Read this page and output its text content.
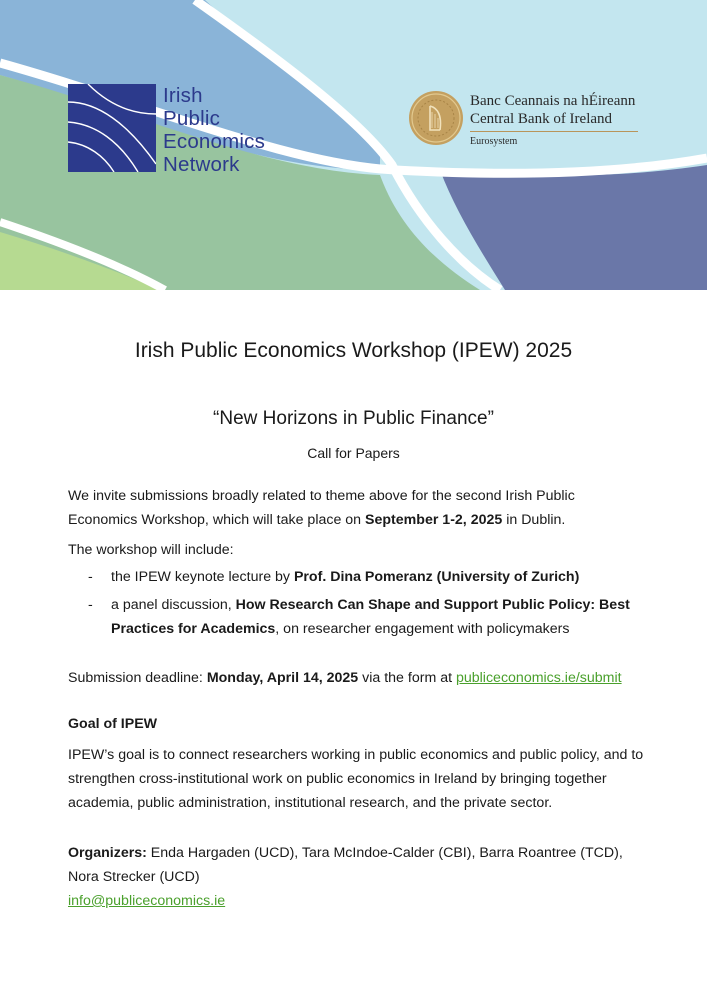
Irish
Public
Economics
Network
Banc Ceannais na hÉireann
Central Bank of Ireland
Eurosystem
Irish Public Economics Workshop (IPEW) 2025
“New Horizons in Public Finance”
Call for Papers
We invite submissions broadly related to theme above for the second Irish Public Economics Workshop, which will take place on September 1-2, 2025 in Dublin.
The workshop will include:
- the IPEW keynote lecture by Prof. Dina Pomeranz (University of Zurich)
- a panel discussion, How Research Can Shape and Support Public Policy: Best Practices for Academics, on researcher engagement with policymakers
Submission deadline: Monday, April 14, 2025 via the form at publiceconomics.ie/submit
Goal of IPEW
IPEW’s goal is to connect researchers working in public economics and public policy, and to strengthen cross-institutional work on public economics in Ireland by bringing together academia, public administration, institutional research, and the private sector.
Organizers: Enda Hargaden (UCD), Tara McIndoe-Calder (CBI), Barra Roantree (TCD), Nora Strecker (UCD)
info@publiceconomics.ie
